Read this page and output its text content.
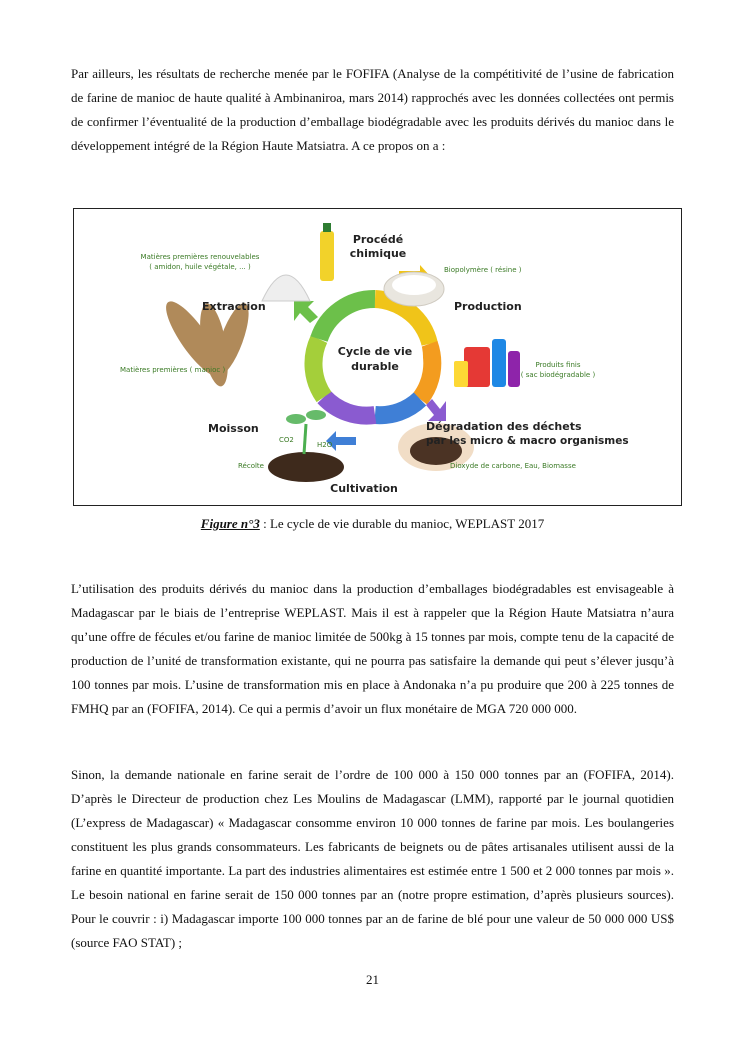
Par ailleurs, les résultats de recherche menée par le FOFIFA (Analyse de la compétitivité de l’usine de fabrication de farine de manioc de haute qualité à Ambinaniroa, mars 2014) rapprochés avec les données collectées ont permis de confirmer l’éventualité de la production d’emballage biodégradable avec les produits dérivés du manioc dans le développement intégré de la Région Haute Matsiatra. A ce propos on a :

Cycle de vie
durable
Procédé
chimique
Production
Dégradation des déchets
par les micro & macro organismes
Cultivation
Moisson
Extraction
Matières premières renouvelables
( amidon, huile végétale, ... )	Biopolymère ( résine )
Produits finis
( sac biodégradable )
Dioxyde de carbone, Eau, Biomasse
Récolte
Matières premières ( manioc )
CO2
H2O
Figure n°3 : Le cycle de vie durable du manioc, WEPLAST 2017

L’utilisation des produits dérivés du manioc dans la production d’emballages biodégradables est envisageable à Madagascar par le biais de l’entreprise WEPLAST. Mais il est à rappeler que la Région Haute Matsiatra n’aura qu’une offre de fécules et/ou farine de manioc limitée de 500kg à 15 tonnes par mois, compte tenu de la capacité de production de l’unité de transformation existante, qui ne pourra pas satisfaire la demande qui peut s’élever jusqu’à 100 tonnes par mois. L’usine de transformation mis en place à Andonaka n’a pu produire que 200 à 225 tonnes de FMHQ par an (FOFIFA, 2014). Ce qui a permis d’avoir un flux monétaire de MGA 720 000 000.

Sinon, la demande nationale en farine serait de l’ordre de 100 000 à 150 000 tonnes par an (FOFIFA, 2014). D’après le Directeur de production chez Les Moulins de Madagascar (LMM), rapporté par le journal quotidien (L’express de Madagascar) « Madagascar consomme environ 10 000 tonnes de farine par mois. Les boulangeries constituent les plus grands consommateurs. Les fabricants de beignets ou de pâtes artisanales utilisent aussi de la farine en quantité importante. La part des industries alimentaires est estimée entre 1 500 et 2 000 tonnes par mois ». Le besoin national en farine serait de 150 000 tonnes par an (notre propre estimation, d’après plusieurs sources). Pour le couvrir : i) Madagascar importe 100 000 tonnes par an de farine de blé pour une valeur de 50 000 000 US$ (source FAO STAT) ;

21
